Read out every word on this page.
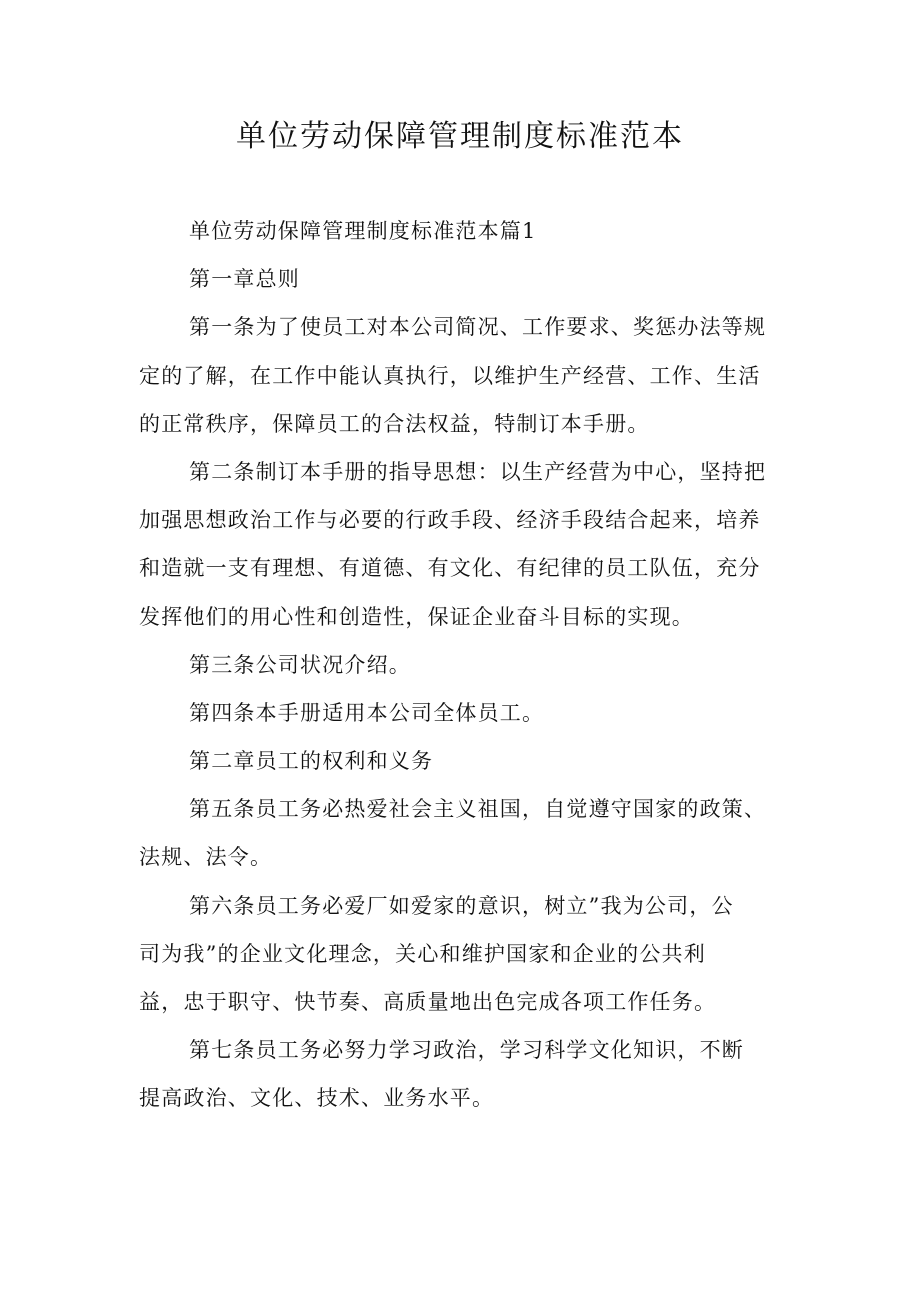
单位劳动保障管理制度标准范本

单位劳动保障管理制度标准范本篇1

第一章总则

第一条为了使员工对本公司简况、工作要求、奖惩办法等规

定的了解，在工作中能认真执行，以维护生产经营、工作、生活

的正常秩序，保障员工的合法权益，特制订本手册。

第二条制订本手册的指导思想：以生产经营为中心，坚持把

加强思想政治工作与必要的行政手段、经济手段结合起来，培养

和造就一支有理想、有道德、有文化、有纪律的员工队伍，充分

发挥他们的用心性和创造性，保证企业奋斗目标的实现。

第三条公司状况介绍。

第四条本手册适用本公司全体员工。

第二章员工的权利和义务

第五条员工务必热爱社会主义祖国，自觉遵守国家的政策、

法规、法令。

第六条员工务必爱厂如爱家的意识，树立”我为公司，公

司为我”的企业文化理念，关心和维护国家和企业的公共利

益，忠于职守、快节奏、高质量地出色完成各项工作任务。

第七条员工务必努力学习政治，学习科学文化知识，不断

提高政治、文化、技术、业务水平。
